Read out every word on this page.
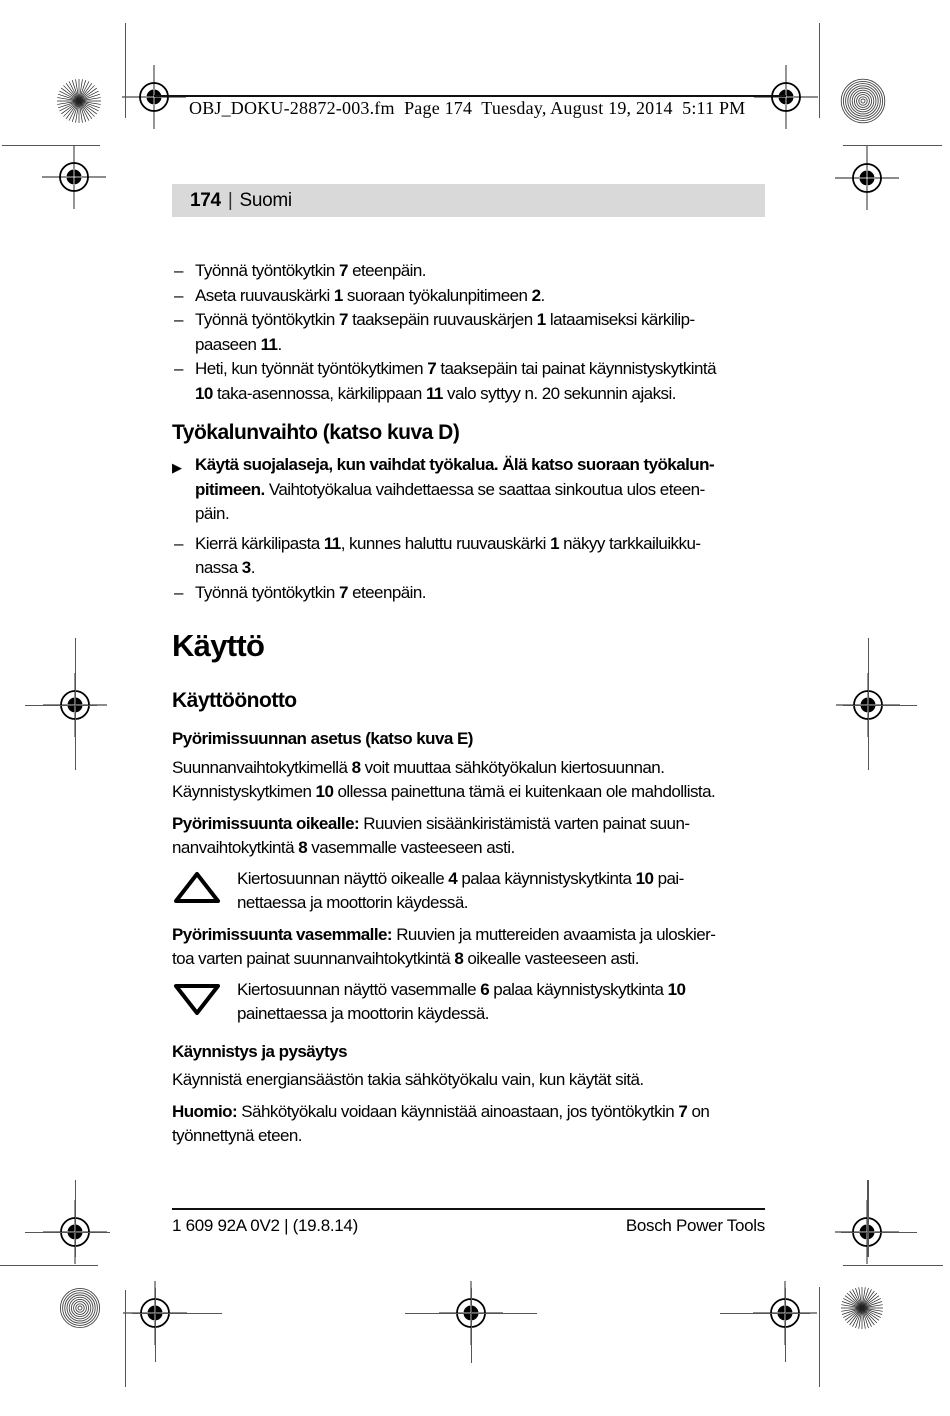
OBJ_DOKU-28872-003.fm  Page 174  Tuesday, August 19, 2014  5:11 PM
174 | Suomi
– Työnnä työntökytkin 7 eteenpäin.
– Aseta ruuvauskärki 1 suoraan työkalunpitimeen 2.
– Työnnä työntökytkin 7 taaksepäin ruuvauskärjen 1 lataamiseksi kärkilip-
paaseen 11.
– Heti, kun työnnät työntökytkimen 7 taaksepäin tai painat käynnistyskytkintä
10 taka-asennossa, kärkilippaan 11 valo syttyy n. 20 sekunnin ajaksi.
Työkalunvaihto (katso kuva D)
▶ Käytä suojalaseja, kun vaihdat työkalua. Älä katso suoraan työkalun-
pitimeen. Vaihtotyökalua vaihdettaessa se saattaa sinkoutua ulos eteen-
päin.
– Kierrä kärkilipasta 11, kunnes haluttu ruuvauskärki 1 näkyy tarkkailuikku-
nassa 3.
– Työnnä työntökytkin 7 eteenpäin.
Käyttö
Käyttöönotto
Pyörimissuunnan asetus (katso kuva E)
Suunnanvaihtokytkimellä 8 voit muuttaa sähkötyökalun kiertosuunnan.
Käynnistyskytkimen 10 ollessa painettuna tämä ei kuitenkaan ole mahdollista.
Pyörimissuunta oikealle: Ruuvien sisäänkiristämistä varten painat suun-
nanvaihtokytkintä 8 vasemmalle vasteeseen asti.
Kiertosuunnan näyttö oikealle 4 palaa käynnistyskytkinta 10 pai-
nettaessa ja moottorin käydessä.
Pyörimissuunta vasemmalle: Ruuvien ja muttereiden avaamista ja uloskier-
toa varten painat suunnanvaihtokytkintä 8 oikealle vasteeseen asti.
Kiertosuunnan näyttö vasemmalle 6 palaa käynnistyskytkinta 10
painettaessa ja moottorin käydessä.
Käynnistys ja pysäytys
Käynnistä energiansäästön takia sähkötyökalu vain, kun käytät sitä.
Huomio: Sähkötyökalu voidaan käynnistää ainoastaan, jos työntökytkin 7 on
työnnettynä eteen.
1 609 92A 0V2 | (19.8.14)	Bosch Power Tools
